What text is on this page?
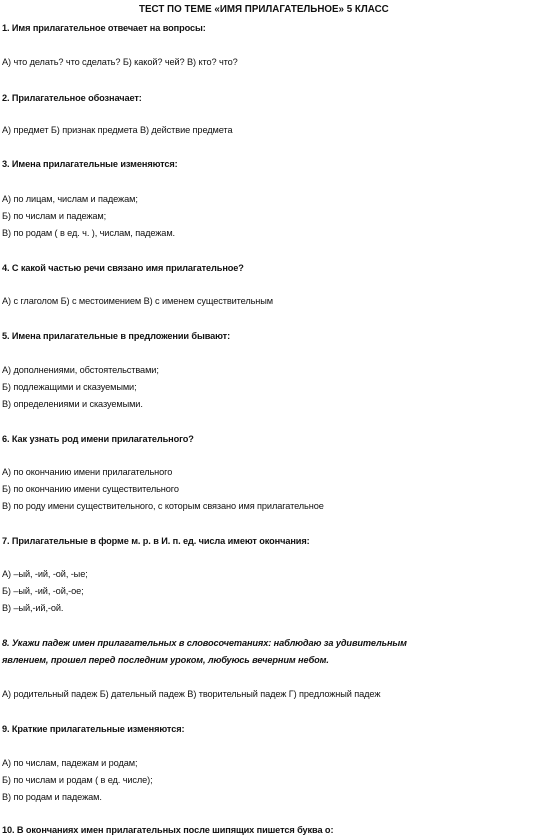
ТЕСТ ПО ТЕМЕ «ИМЯ ПРИЛАГАТЕЛЬНОЕ» 5 КЛАСС
1. Имя прилагательное отвечает на вопросы:
А) что делать? что сделать? Б) какой? чей? В) кто? что?
2. Прилагательное обозначает:
А) предмет Б) признак предмета В) действие предмета
3. Имена прилагательные изменяются:
А) по лицам, числам и падежам;
Б) по числам и падежам;
В) по родам ( в ед. ч. ), числам, падежам.
4. С какой частью речи связано имя прилагательное?
А) с глаголом Б) с местоимением В) с именем существительным
5. Имена прилагательные в предложении бывают:
А) дополнениями, обстоятельствами;
Б) подлежащими и сказуемыми;
В) определениями и сказуемыми.
6. Как узнать род имени прилагательного?
А) по окончанию имени прилагательного
Б) по окончанию имени существительного
В) по роду имени существительного, с которым связано имя прилагательное
7. Прилагательные в форме м. р. в И. п. ед. числа имеют окончания:
А) –ый, -ий, -ой, -ые;
Б) –ый, -ий, -ой,-ое;
В) –ый,-ий,-ой.
8. Укажи падеж имен прилагательных в словосочетаниях: наблюдаю за удивительным
явлением, прошел перед последним уроком, любуюсь вечерним небом.
А) родительный падеж Б) дательный падеж В) творительный падеж Г) предложный падеж
9. Краткие прилагательные изменяются:
А) по числам, падежам и родам;
Б) по числам и родам ( в ед. числе);
В) по родам и падежам.
10. В окончаниях имен прилагательных после шипящих пишется буква о:
